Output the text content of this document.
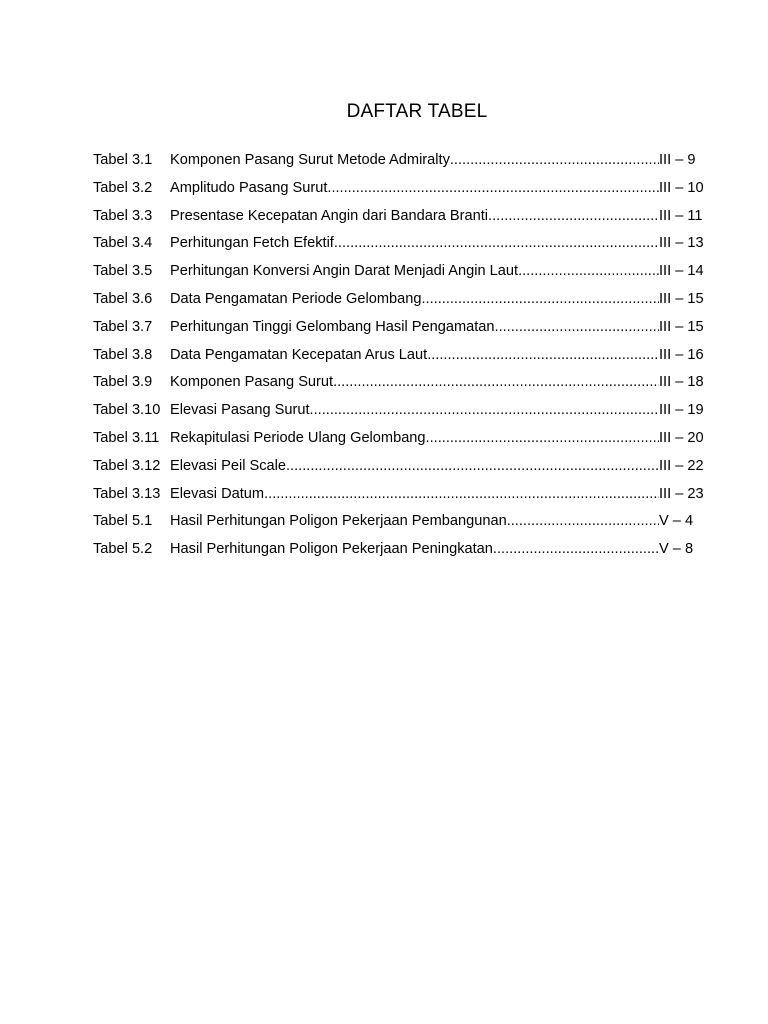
DAFTAR TABEL
Tabel 3.1	Komponen Pasang Surut Metode Admiralty .....	III – 9
Tabel 3.2	Amplitudo Pasang Surut .....	III – 10
Tabel 3.3	Presentase Kecepatan Angin dari Bandara Branti .....	III – 11
Tabel 3.4	Perhitungan Fetch Efektif .....	III – 13
Tabel 3.5	Perhitungan Konversi Angin Darat Menjadi Angin Laut .....	III – 14
Tabel 3.6	Data Pengamatan Periode Gelombang .....	III – 15
Tabel 3.7	Perhitungan Tinggi Gelombang Hasil Pengamatan .....	III – 15
Tabel 3.8	Data Pengamatan Kecepatan Arus Laut .....	III – 16
Tabel 3.9	Komponen Pasang Surut .....	III – 18
Tabel 3.10 Elevasi Pasang Surut .....	III – 19
Tabel 3.11 Rekapitulasi Periode Ulang Gelombang .....	III – 20
Tabel 3.12 Elevasi Peil Scale .....	III – 22
Tabel 3.13 Elevasi Datum .....	III – 23
Tabel 5.1	Hasil Perhitungan Poligon Pekerjaan Pembangunan .....	V – 4
Tabel 5.2	Hasil Perhitungan Poligon Pekerjaan Peningkatan .....	V – 8
